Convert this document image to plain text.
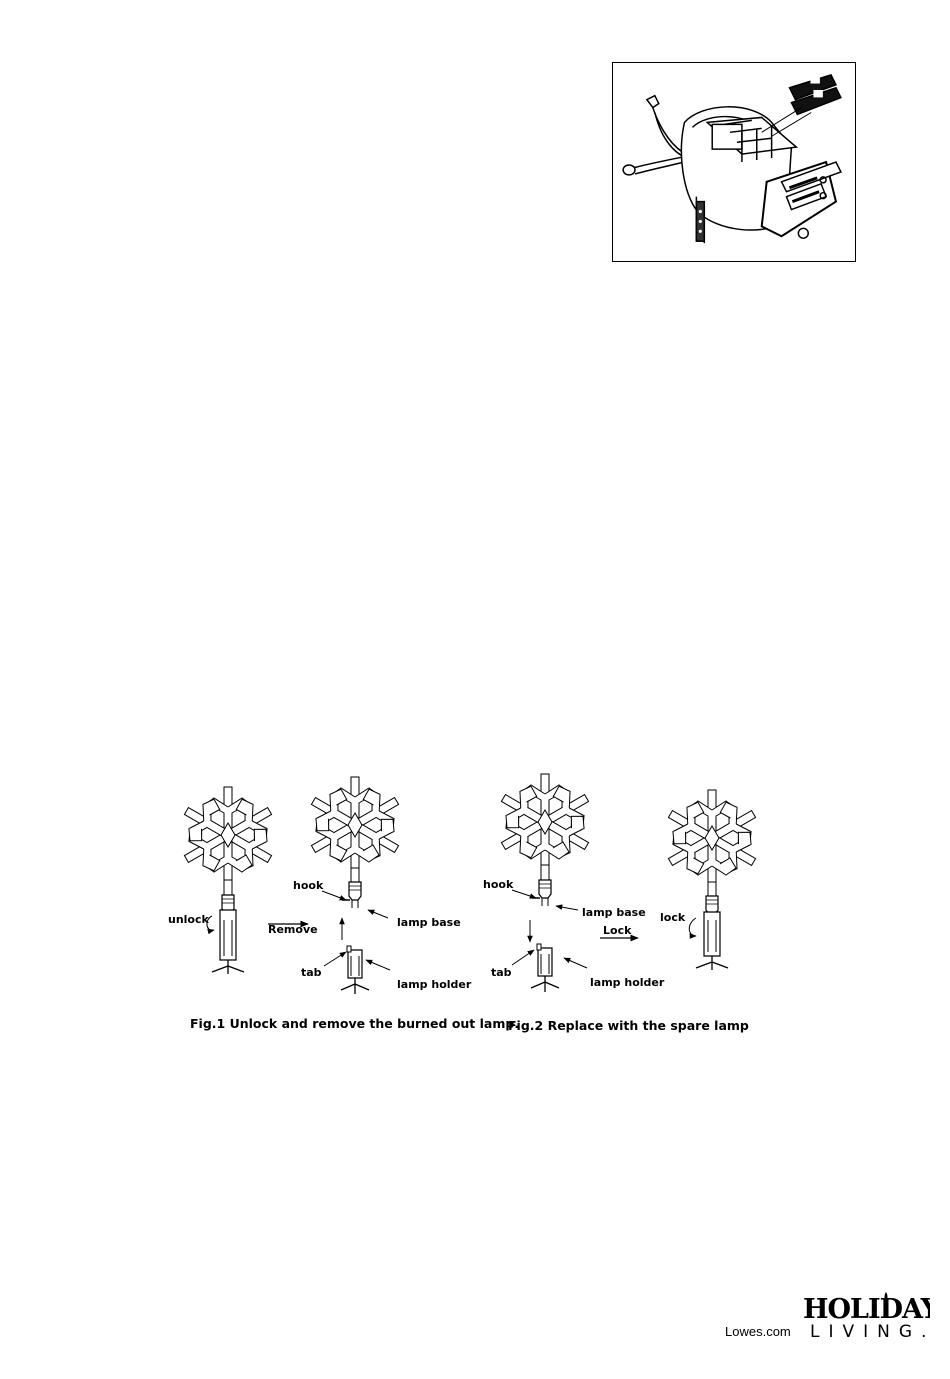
unlock
Remove
hook
lamp base
tab
lamp holder
hook
lamp base
tab
lamp holder
Lock
lock
Fig.1 Unlock and remove the burned out lamp.
Fig.2 Replace with the spare lamp
HOLIDAY
LIVING.
Lowes.com
